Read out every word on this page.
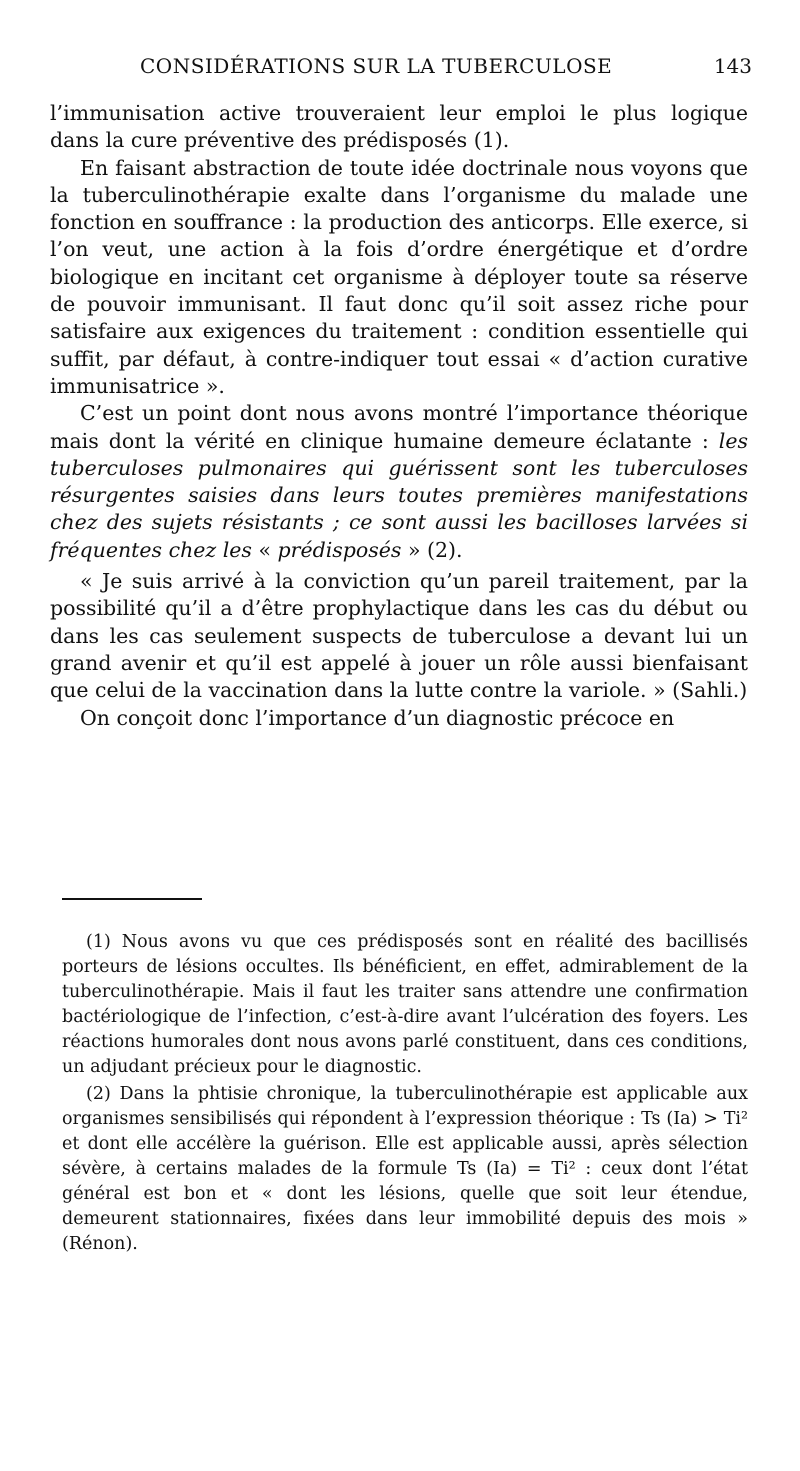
CONSIDÉRATIONS SUR LA TUBERCULOSE	143

l’immunisation active trouveraient leur emploi le plus logique dans la cure préventive des prédisposés (1).

En faisant abstraction de toute idée doctrinale nous voyons que la tuberculinothérapie exalte dans l’organisme du malade une fonction en souffrance : la production des anticorps. Elle exerce, si l’on veut, une action à la fois d’ordre énergétique et d’ordre biologique en incitant cet organisme à déployer toute sa réserve de pouvoir immunisant. Il faut donc qu’il soit assez riche pour satisfaire aux exigences du traitement : condition essentielle qui suffit, par défaut, à contre-indiquer tout essai « d’action curative immunisatrice ».

C’est un point dont nous avons montré l’importance théorique mais dont la vérité en clinique humaine demeure éclatante : les tuberculoses pulmonaires qui guérissent sont les tuberculoses résurgentes saisies dans leurs toutes premières manifestations chez des sujets résistants ; ce sont aussi les bacilloses larvées si fréquentes chez les « prédisposés » (2).

« Je suis arrivé à la conviction qu’un pareil traitement, par la possibilité qu’il a d’être prophylactique dans les cas du début ou dans les cas seulement suspects de tuberculose a devant lui un grand avenir et qu’il est appelé à jouer un rôle aussi bienfaisant que celui de la vaccination dans la lutte contre la variole. » (Sahli.)

On conçoit donc l’importance d’un diagnostic précoce en

(1) Nous avons vu que ces prédisposés sont en réalité des bacillisés porteurs de lésions occultes. Ils bénéficient, en effet, admirablement de la tuberculinothérapie. Mais il faut les traiter sans attendre une confirmation bactériologique de l’infection, c’est-à-dire avant l’ulcération des foyers. Les réactions humorales dont nous avons parlé constituent, dans ces conditions, un adjudant précieux pour le diagnostic.

(2) Dans la phtisie chronique, la tuberculinothérapie est applicable aux organismes sensibilisés qui répondent à l’expression théorique : Ts (Ia) > Ti² et dont elle accélère la guérison. Elle est applicable aussi, après sélection sévère, à certains malades de la formule Ts (Ia) = Ti² : ceux dont l’état général est bon et « dont les lésions, quelle que soit leur étendue, demeurent stationnaires, fixées dans leur immobilité depuis des mois » (Rénon).
